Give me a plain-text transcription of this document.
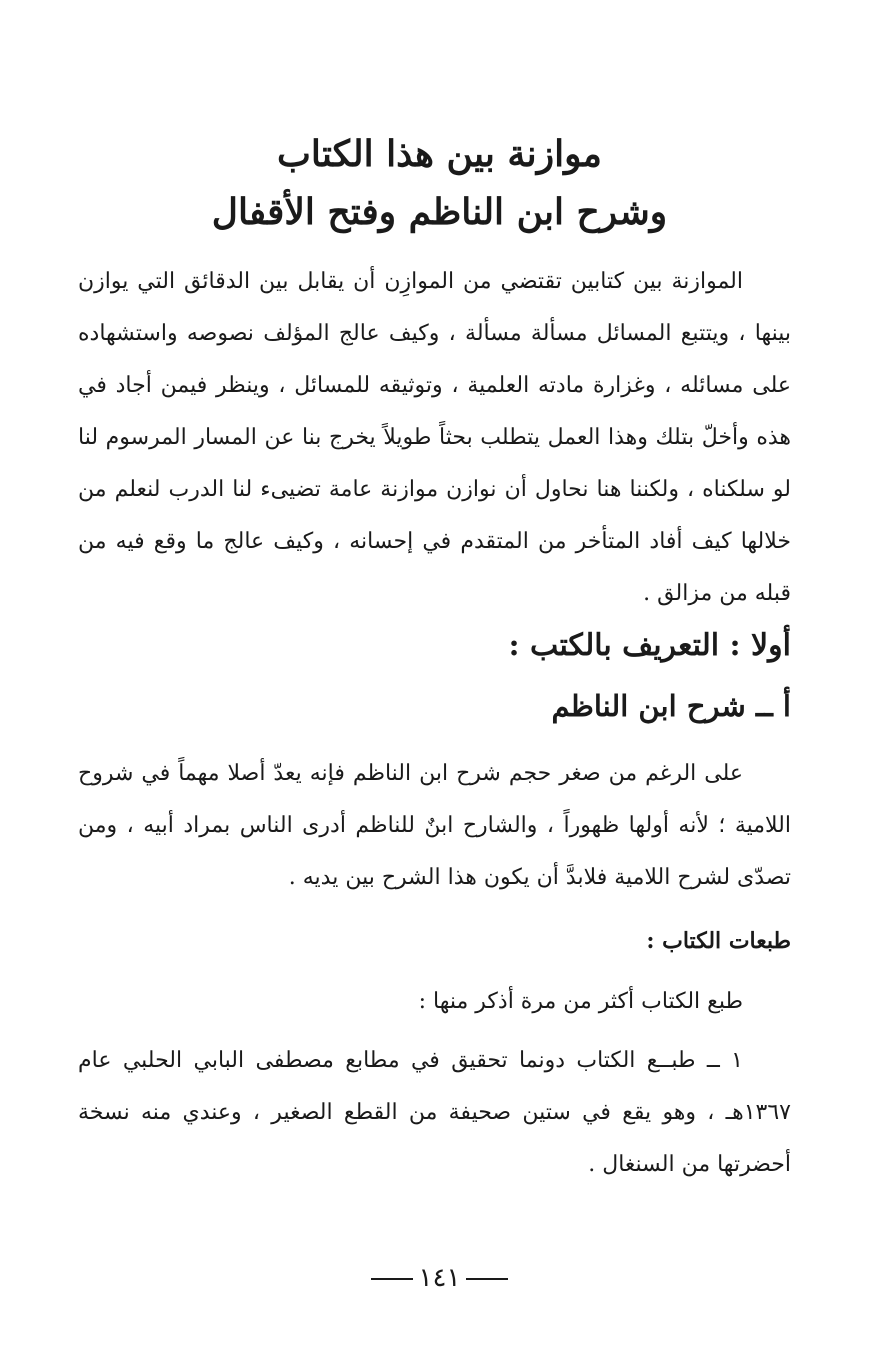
موازنة بين هذا الكتاب
وشرح ابن الناظم وفتح الأقفال

الموازنة بين كتابين تقتضي من الموازِن أن يقابل بين الدقائق التي يوازن بينها ، ويتتبع المسائل مسألة مسألة ، وكيف عالج المؤلف نصوصه واستشهاده على مسائله ، وغزارة مادته العلمية ، وتوثيقه للمسائل ، وينظر فيمن أجاد في هذه وأخلّ بتلك وهذا العمل يتطلب بحثاً طويلاً يخرج بنا عن المسار المرسوم لنا لو سلكناه ، ولكننا هنا نحاول أن نوازن موازنة عامة تضيىء لنا الدرب لنعلم من خلالها كيف أفاد المتأخر من المتقدم في إحسانه ، وكيف عالج ما وقع فيه من قبله من مزالق .

أولا : التعريف بالكتب :
أ ــ شرح ابن الناظم

على الرغم من صغر حجم شرح ابن الناظم فإنه يعدّ أصلا مهماً في شروح اللامية ؛ لأنه أولها ظهوراً ، والشارح ابنٌ للناظم أدرى الناس بمراد أبيه ، ومن تصدّى لشرح اللامية فلابدَّ أن يكون هذا الشرح بين يديه .

طبعات الكتاب :
طبع الكتاب أكثر من مرة أذكر منها :

١ ــ طبــع الكتاب دونما تحقيق في مطابع مصطفى البابي الحلبي عام ١٣٦٧هـ ، وهو يقع في ستين صحيفة من القطع الصغير ، وعندي منه نسخة أحضرتها من السنغال .

١٤١
